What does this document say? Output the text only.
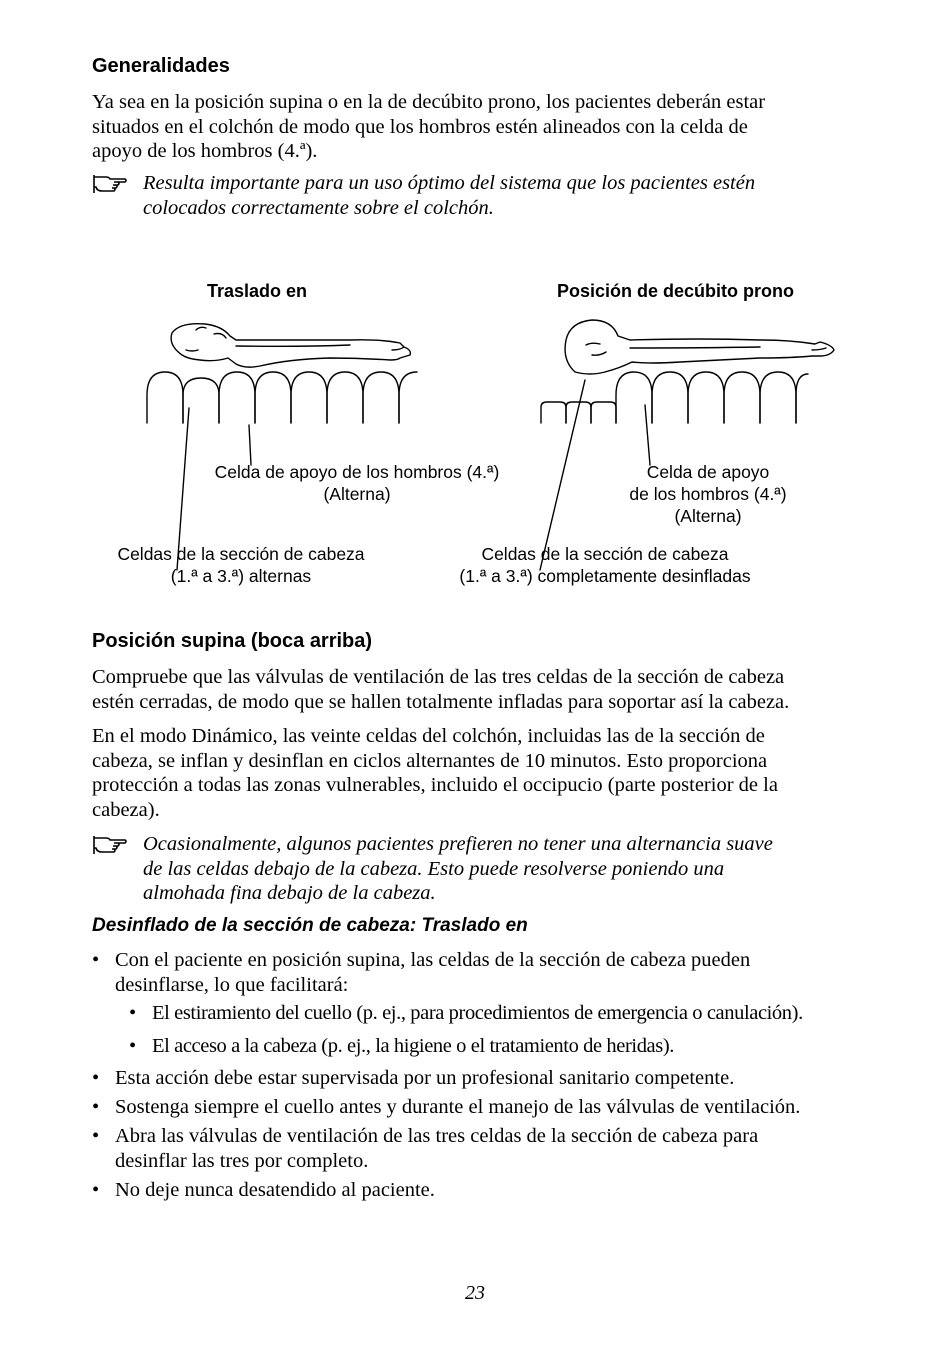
Generalidades
Ya sea en la posición supina o en la de decúbito prono, los pacientes deberán estar
situados en el colchón de modo que los hombros estén alineados con la celda de
apoyo de los hombros (4.ª).
Resulta importante para un uso óptimo del sistema que los pacientes estén
colocados correctamente sobre el colchón.
Traslado en	Posición de decúbito prono
Celda de apoyo de los hombros (4.ª)
(Alterna)
Celda de apoyo
de los hombros (4.ª)
(Alterna)
Celdas de la sección de cabeza
(1.ª a 3.ª) alternas
Celdas de la sección de cabeza
(1.ª a 3.ª) completamente desinfladas
Posición supina (boca arriba)
Compruebe que las válvulas de ventilación de las tres celdas de la sección de cabeza
estén cerradas, de modo que se hallen totalmente infladas para soportar así la cabeza.
En el modo Dinámico, las veinte celdas del colchón, incluidas las de la sección de
cabeza, se inflan y desinflan en ciclos alternantes de 10 minutos. Esto proporciona
protección a todas las zonas vulnerables, incluido el occipucio (parte posterior de la
cabeza).
Ocasionalmente, algunos pacientes prefieren no tener una alternancia suave
de las celdas debajo de la cabeza. Esto puede resolverse poniendo una
almohada fina debajo de la cabeza.
Desinflado de la sección de cabeza: Traslado en
• Con el paciente en posición supina, las celdas de la sección de cabeza pueden
desinflarse, lo que facilitará:
• El estiramiento del cuello (p. ej., para procedimientos de emergencia o canulación).
• El acceso a la cabeza (p. ej., la higiene o el tratamiento de heridas).
• Esta acción debe estar supervisada por un profesional sanitario competente.
• Sostenga siempre el cuello antes y durante el manejo de las válvulas de ventilación.
• Abra las válvulas de ventilación de las tres celdas de la sección de cabeza para
desinflar las tres por completo.
• No deje nunca desatendido al paciente.
23
